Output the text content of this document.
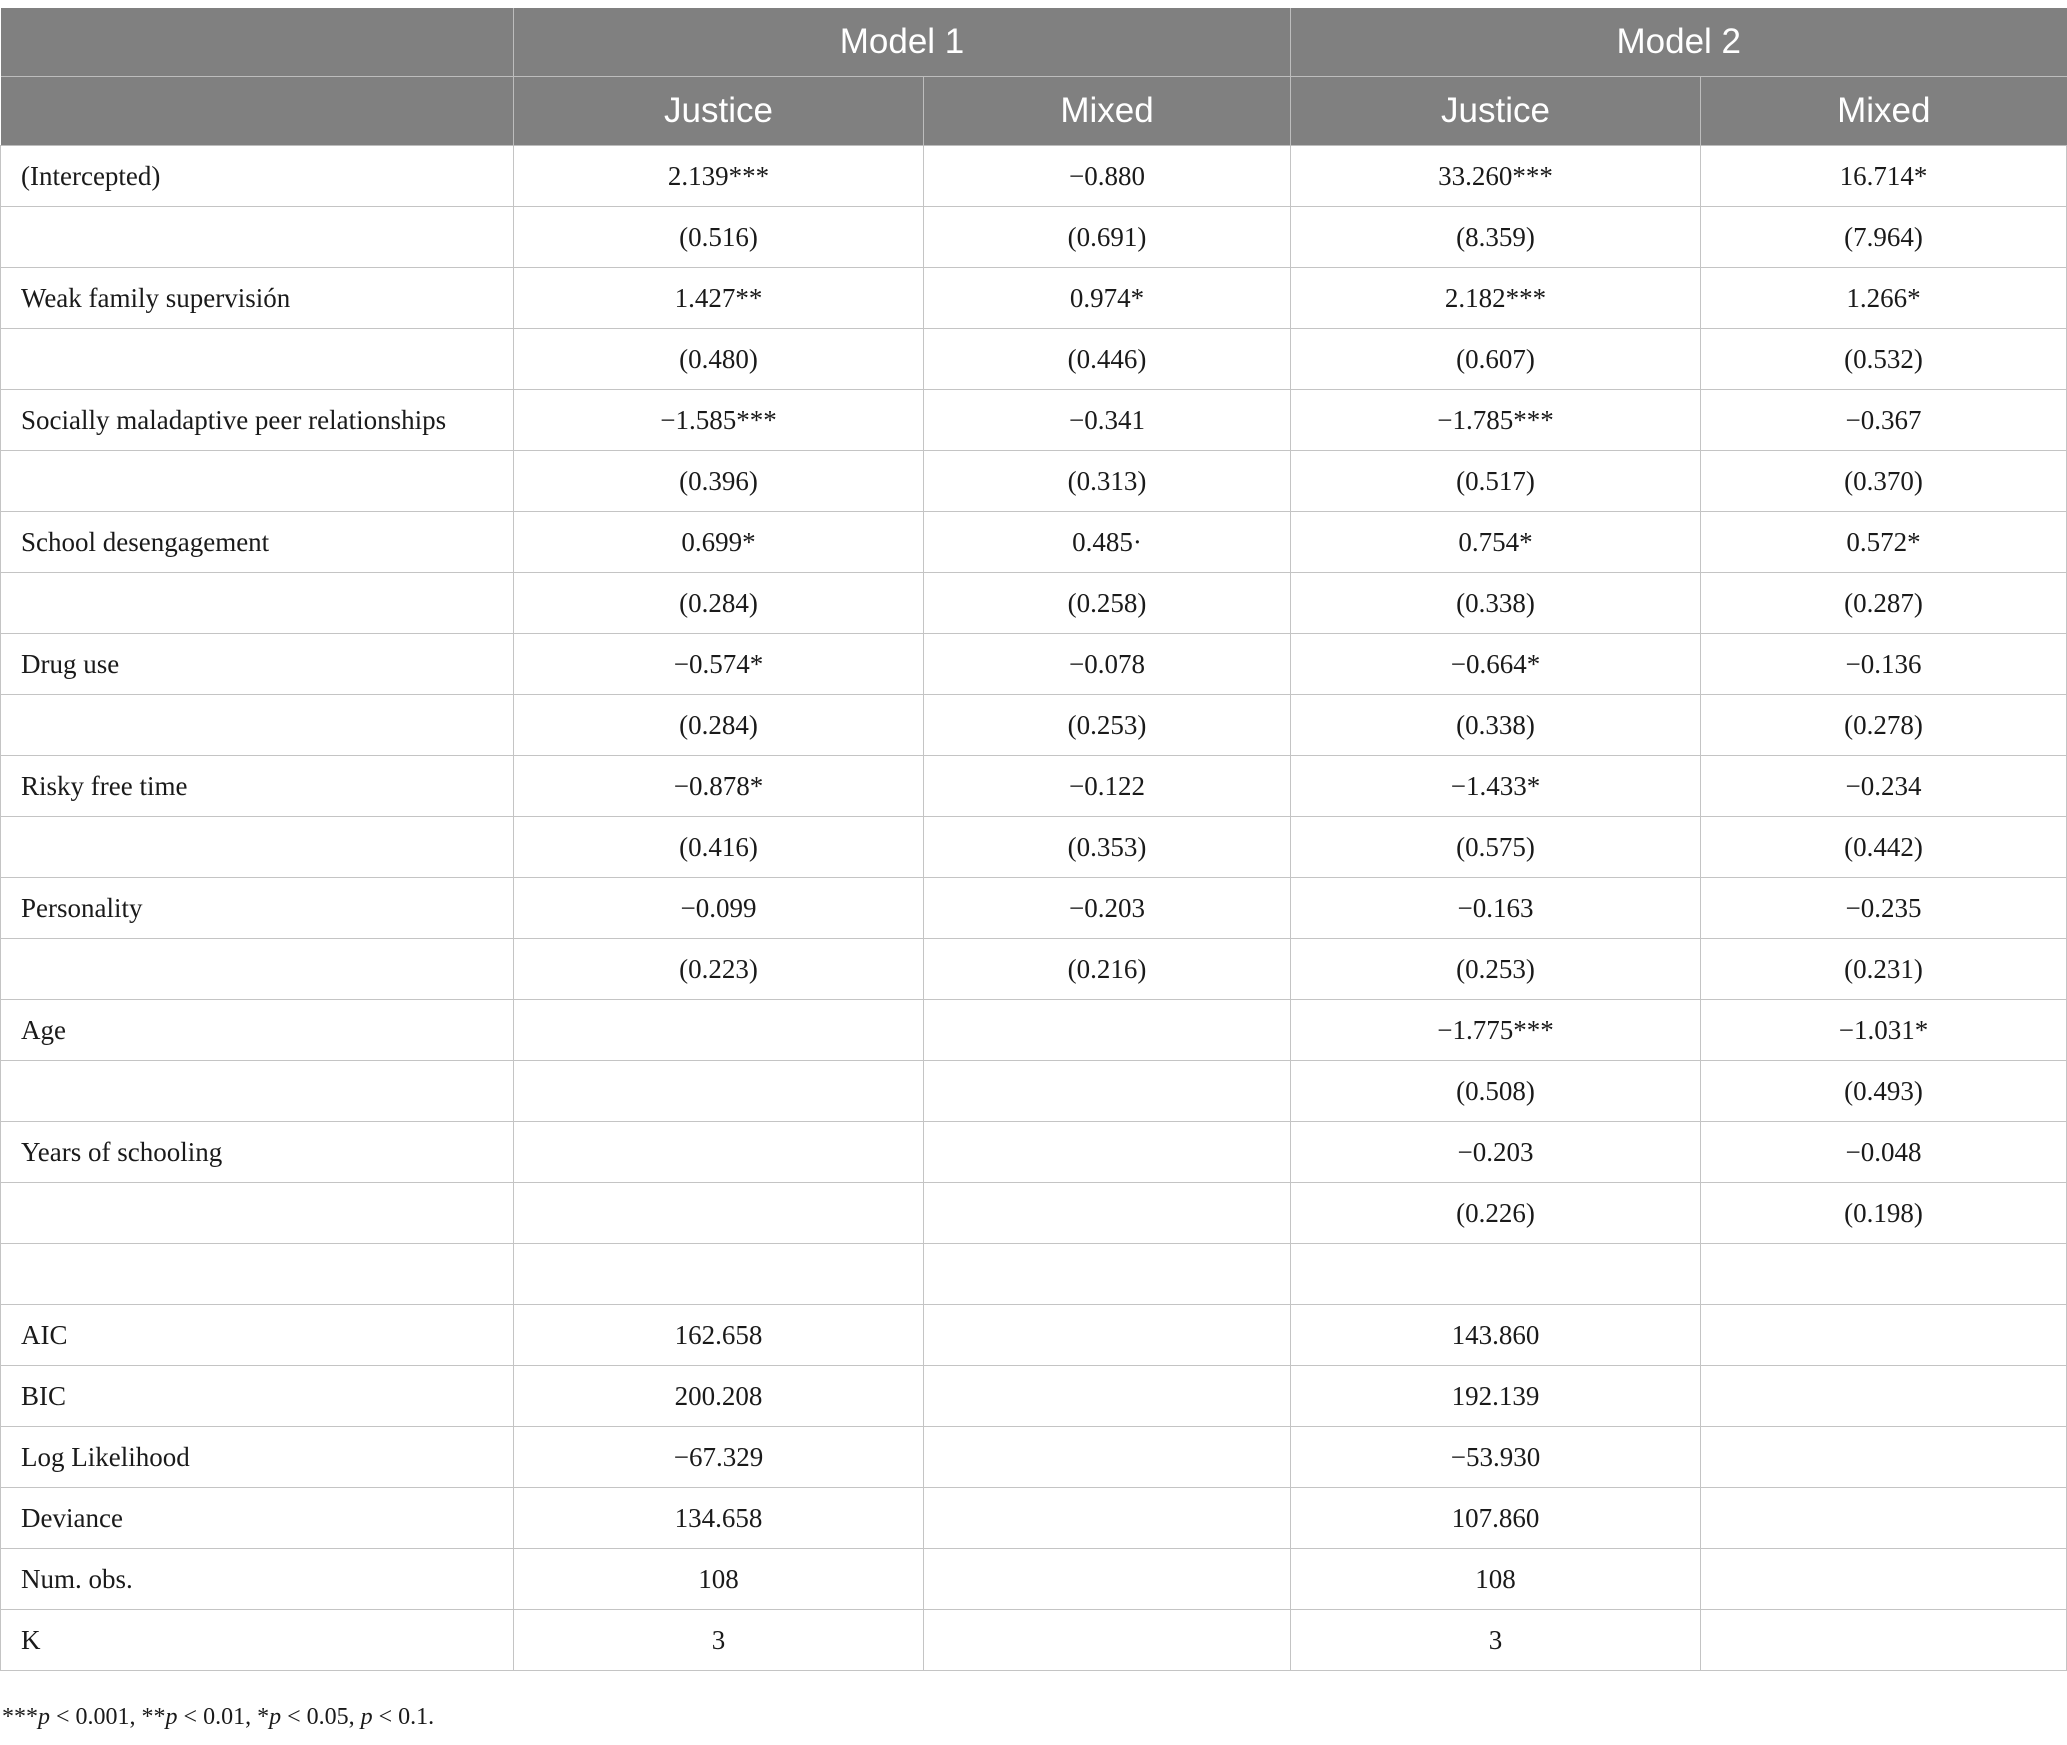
	Model 1		Model 2	
	Justice	Mixed	Justice	Mixed
(Intercepted)	2.139***	−0.880	33.260***	16.714*
	(0.516)	(0.691)	(8.359)	(7.964)
Weak family supervisión	1.427**	0.974*	2.182***	1.266*
	(0.480)	(0.446)	(0.607)	(0.532)
Socially maladaptive peer relationships	−1.585***	−0.341	−1.785***	−0.367
	(0.396)	(0.313)	(0.517)	(0.370)
School desengagement	0.699*	0.485·	0.754*	0.572*
	(0.284)	(0.258)	(0.338)	(0.287)
Drug use	−0.574*	−0.078	−0.664*	−0.136
	(0.284)	(0.253)	(0.338)	(0.278)
Risky free time	−0.878*	−0.122	−1.433*	−0.234
	(0.416)	(0.353)	(0.575)	(0.442)
Personality	−0.099	−0.203	−0.163	−0.235
	(0.223)	(0.216)	(0.253)	(0.231)
Age			−1.775***	−1.031*
			(0.508)	(0.493)
Years of schooling			−0.203	−0.048
			(0.226)	(0.198)

AIC	162.658		143.860	
BIC	200.208		192.139	
Log Likelihood	−67.329		−53.930	
Deviance	134.658		107.860	
Num. obs.	108		108	
K	3		3	
***p < 0.001, **p < 0.01, *p < 0.05, p < 0.1.
